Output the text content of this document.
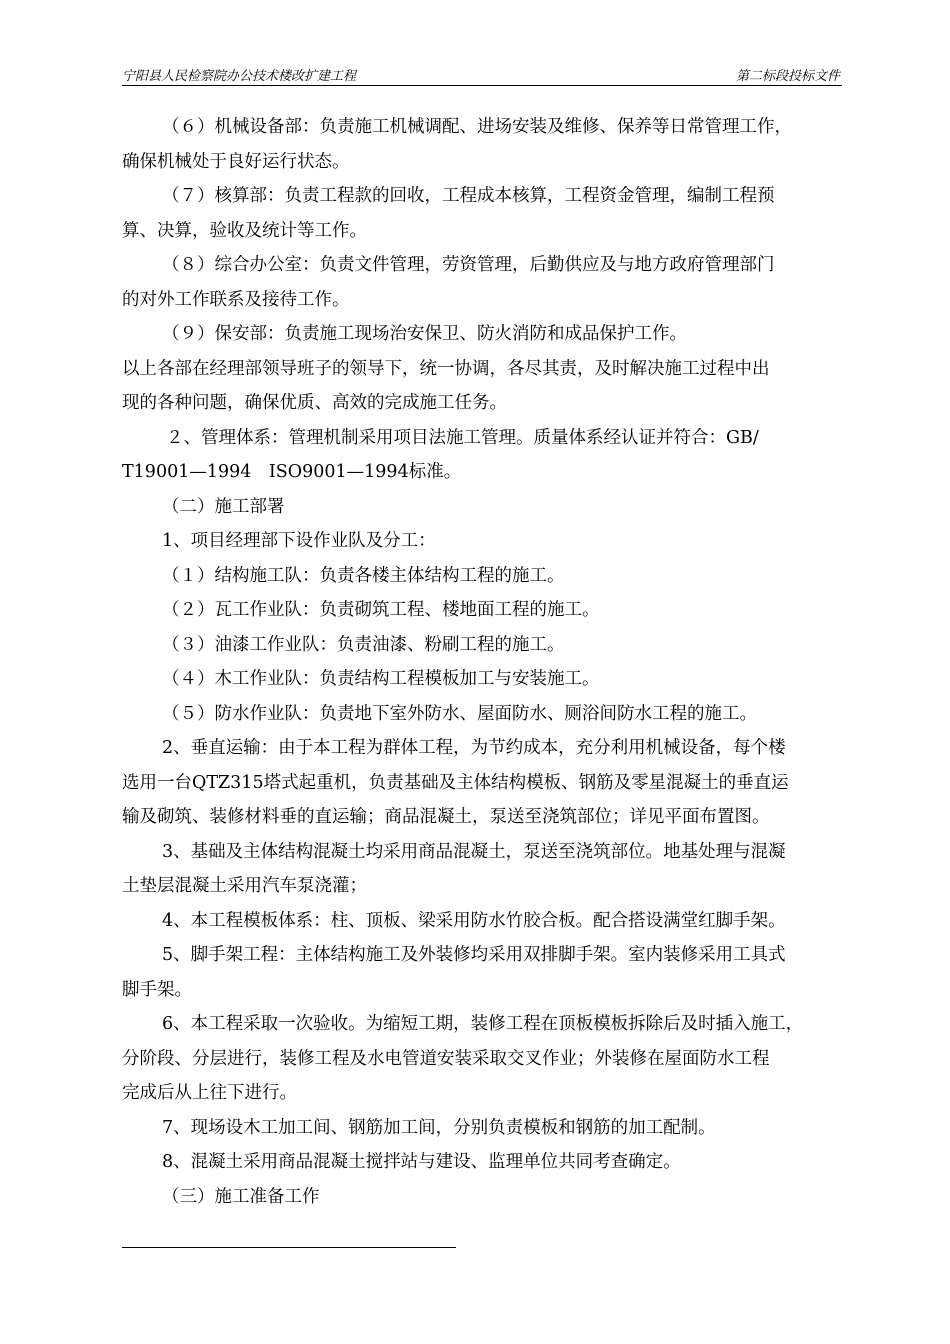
宁阳县人民检察院办公技术楼改扩建工程	第二标段投标文件

（６）机械设备部：负责施工机械调配、进场安装及维修、保养等日常管理工作，

确保机械处于良好运行状态。

（７）核算部：负责工程款的回收，工程成本核算，工程资金管理，编制工程预

算、决算，验收及统计等工作。

（８）综合办公室：负责文件管理，劳资管理，后勤供应及与地方政府管理部门

的对外工作联系及接待工作。

（９）保安部：负责施工现场治安保卫、防火消防和成品保护工作。

以上各部在经理部领导班子的领导下，统一协调，各尽其责，及时解决施工过程中出

现的各种问题，确保优质、高效的完成施工任务。

２、管理体系：管理机制采用项目法施工管理。质量体系经认证并符合：GB/

T19001—1994　ISO9001—1994标准。

（二）施工部署

1、项目经理部下设作业队及分工：

（１）结构施工队：负责各楼主体结构工程的施工。

（２）瓦工作业队：负责砌筑工程、楼地面工程的施工。

（３）油漆工作业队：负责油漆、粉刷工程的施工。

（４）木工作业队：负责结构工程模板加工与安装施工。

（５）防水作业队：负责地下室外防水、屋面防水、厕浴间防水工程的施工。

2、垂直运输：由于本工程为群体工程，为节约成本，充分利用机械设备，每个楼

选用一台QTZ315塔式起重机，负责基础及主体结构模板、钢筋及零星混凝土的垂直运

输及砌筑、装修材料垂的直运输；商品混凝土，泵送至浇筑部位；详见平面布置图。

3、基础及主体结构混凝土均采用商品混凝土，泵送至浇筑部位。地基处理与混凝

土垫层混凝土采用汽车泵浇灌；

4、本工程模板体系：柱、顶板、梁采用防水竹胶合板。配合搭设满堂红脚手架。

5、脚手架工程：主体结构施工及外装修均采用双排脚手架。室内装修采用工具式

脚手架。

6、本工程采取一次验收。为缩短工期，装修工程在顶板模板拆除后及时插入施工，

分阶段、分层进行，装修工程及水电管道安装采取交叉作业；外装修在屋面防水工程

完成后从上往下进行。

7、现场设木工加工间、钢筋加工间，分别负责模板和钢筋的加工配制。

8、混凝土采用商品混凝土搅拌站与建设、监理单位共同考查确定。

（三）施工准备工作
